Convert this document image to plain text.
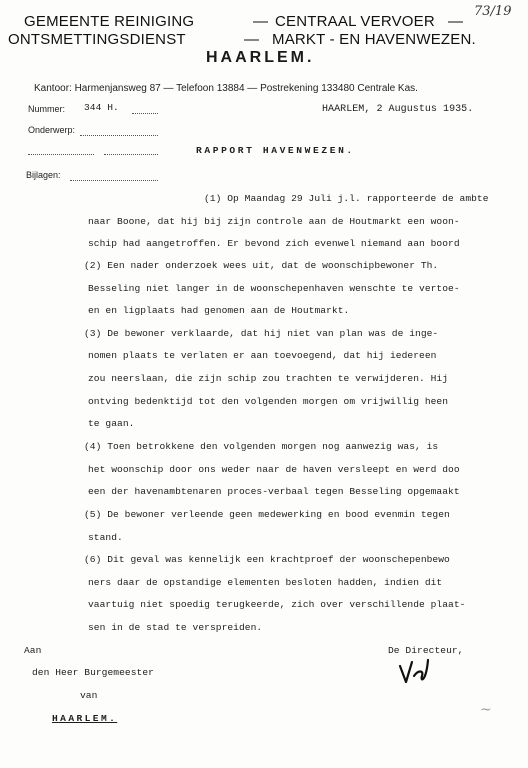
73/19
GEMEENTE REINIGING	— CENTRAAL VERVOER —
ONTSMETTINGSDIENST	— MARKT - EN HAVENWEZEN.
HAARLEM.
Kantoor: Harmenjansweg 87 — Telefoon 13884 — Postrekening 133480 Centrale Kas.
Nummer: 344 H.	HAARLEM, 2 Augustus 1935.
Onderwerp:
RAPPORT HAVENWEZEN.
Bijlagen:
(1) Op Maandag 29 Juli j.l. rapporteerde de ambte
naar Boone, dat hij bij zijn controle aan de Houtmarkt een woon-
schip had aangetroffen. Er bevond zich evenwel niemand aan boord
(2) Een nader onderzoek wees uit, dat de woonschipbewoner Th.
Besseling niet langer in de woonschepenhaven wenschte te vertoe-
en en ligplaats had genomen aan de Houtmarkt.
(3) De bewoner verklaarde, dat hij niet van plan was de inge-
nomen plaats te verlaten er aan toevoegend, dat hij iedereen
zou neerslaan, die zijn schip zou trachten te verwijderen. Hij
ontving bedenktijd tot den volgenden morgen om vrijwillig heen
te gaan.
(4) Toen betrokkene den volgenden morgen nog aanwezig was, is
het woonschip door ons weder naar de haven versleept en werd doo
een der havenambtenaren proces-verbaal tegen Besseling opgemaakt
(5) De bewoner verleende geen medewerking en bood evenmin tegen
stand.
(6) Dit geval was kennelijk een krachtproef der woonschepenbewo
ners daar de opstandige elementen besloten hadden, indien dit
vaartuig niet spoedig terugkeerde, zich over verschillende plaat-
sen in de stad te verspreiden.
Aan	De Directeur,
den Heer Burgemeester
van
HAARLEM.
~
